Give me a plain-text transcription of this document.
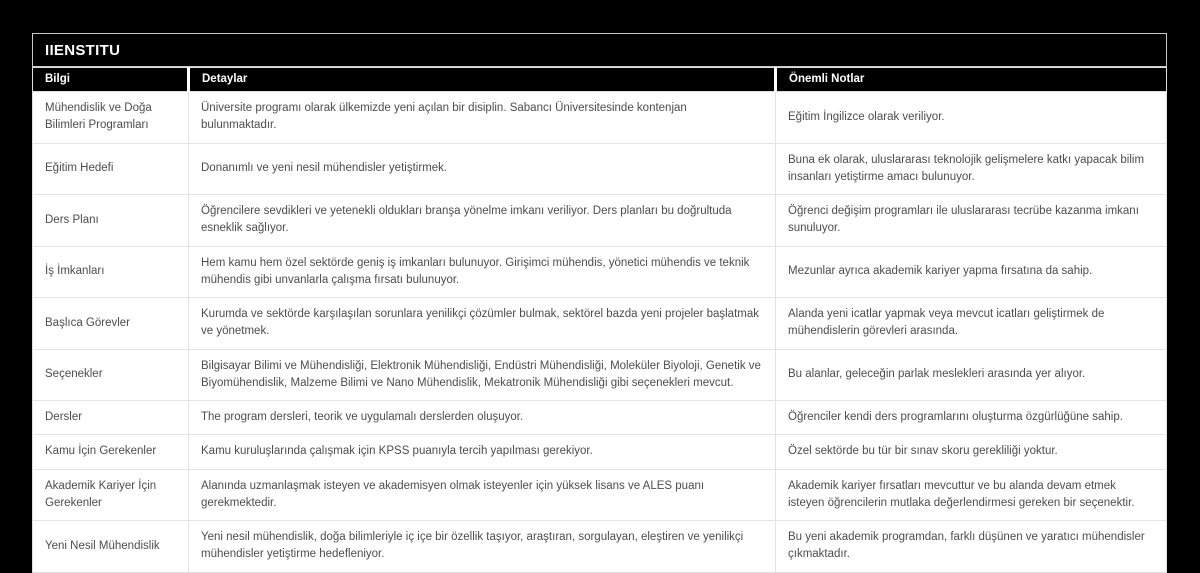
IIENSTITU
Bilgi	Detaylar	Önemli Notlar
Mühendislik ve Doğa Bilimleri Programları	Üniversite programı olarak ülkemizde yeni açılan bir disiplin. Sabancı Üniversitesinde kontenjan bulunmaktadır.	Eğitim İngilizce olarak veriliyor.
Eğitim Hedefi	Donanımlı ve yeni nesil mühendisler yetiştirmek.	Buna ek olarak, uluslararası teknolojik gelişmelere katkı yapacak bilim insanları yetiştirme amacı bulunuyor.
Ders Planı	Öğrencilere sevdikleri ve yetenekli oldukları branşa yönelme imkanı veriliyor. Ders planları bu doğrultuda esneklik sağlıyor.	Öğrenci değişim programları ile uluslararası tecrübe kazanma imkanı sunuluyor.
İş İmkanları	Hem kamu hem özel sektörde geniş iş imkanları bulunuyor. Girişimci mühendis, yönetici mühendis ve teknik mühendis gibi unvanlarla çalışma fırsatı bulunuyor.	Mezunlar ayrıca akademik kariyer yapma fırsatına da sahip.
Başlıca Görevler	Kurumda ve sektörde karşılaşılan sorunlara yenilikçi çözümler bulmak, sektörel bazda yeni projeler başlatmak ve yönetmek.	Alanda yeni icatlar yapmak veya mevcut icatları geliştirmek de mühendislerin görevleri arasında.
Seçenekler	Bilgisayar Bilimi ve Mühendisliği, Elektronik Mühendisliği, Endüstri Mühendisliği, Moleküler Biyoloji, Genetik ve Biyomühendislik, Malzeme Bilimi ve Nano Mühendislik, Mekatronik Mühendisliği gibi seçenekleri mevcut.	Bu alanlar, geleceğin parlak meslekleri arasında yer alıyor.
Dersler	The program dersleri, teorik ve uygulamalı derslerden oluşuyor.	Öğrenciler kendi ders programlarını oluşturma özgürlüğüne sahip.
Kamu İçin Gerekenler	Kamu kuruluşlarında çalışmak için KPSS puanıyla tercih yapılması gerekiyor.	Özel sektörde bu tür bir sınav skoru gerekliliği yoktur.
Akademik Kariyer İçin Gerekenler	Alanında uzmanlaşmak isteyen ve akademisyen olmak isteyenler için yüksek lisans ve ALES puanı gerekmektedir.	Akademik kariyer fırsatları mevcuttur ve bu alanda devam etmek isteyen öğrencilerin mutlaka değerlendirmesi gereken bir seçenektir.
Yeni Nesil Mühendislik	Yeni nesil mühendislik, doğa bilimleriyle iç içe bir özellik taşıyor, araştıran, sorgulayan, eleştiren ve yenilikçi mühendisler yetiştirme hedefleniyor.	Bu yeni akademik programdan, farklı düşünen ve yaratıcı mühendisler çıkmaktadır.
